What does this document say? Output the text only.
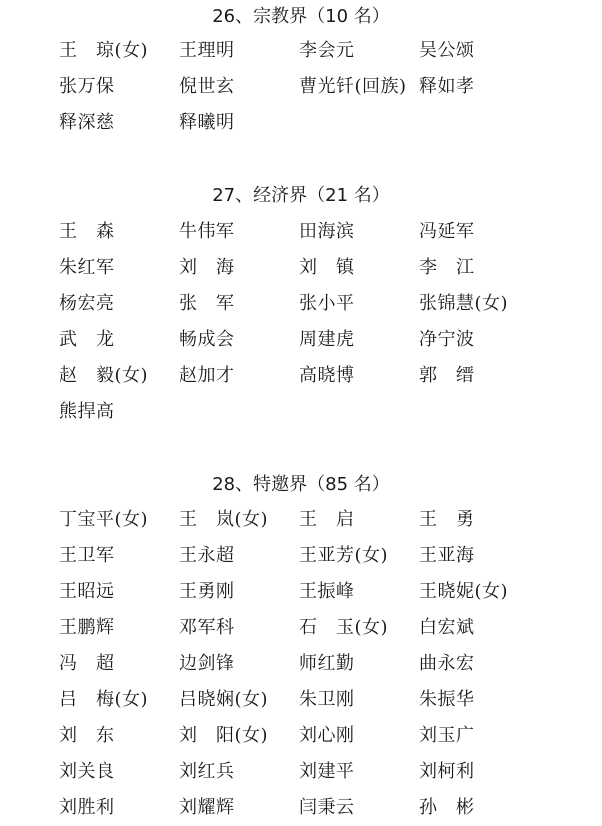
26、宗教界（10 名）
王　琼(女) 王理明	李会元	吴公颂
张万保	倪世玄	曹光钎(回族) 释如孝
释深慈	释曦明
27、经济界（21 名）
王　森	牛伟军	田海滨	冯延军
朱红军	刘　海	刘　镇	李　江
杨宏亮	张　军	张小平	张锦慧(女)
武　龙	畅成会	周建虎	净宁波
赵　毅(女) 赵加才	高晓博	郭　缙
熊捍高
28、特邀界（85 名）
丁宝平(女) 王　岚(女) 王　启	王　勇
王卫军	王永超	王亚芳(女) 王亚海
王昭远	王勇刚	王振峰	王晓妮(女)
王鹏辉	邓军科	石　玉(女) 白宏斌
冯　超	边剑锋	师红勤	曲永宏
吕　梅(女) 吕晓娴(女) 朱卫刚	朱振华
刘　东	刘　阳(女) 刘心刚	刘玉广
刘关良	刘红兵	刘建平	刘柯利
刘胜利	刘耀辉	闫秉云	孙　彬
